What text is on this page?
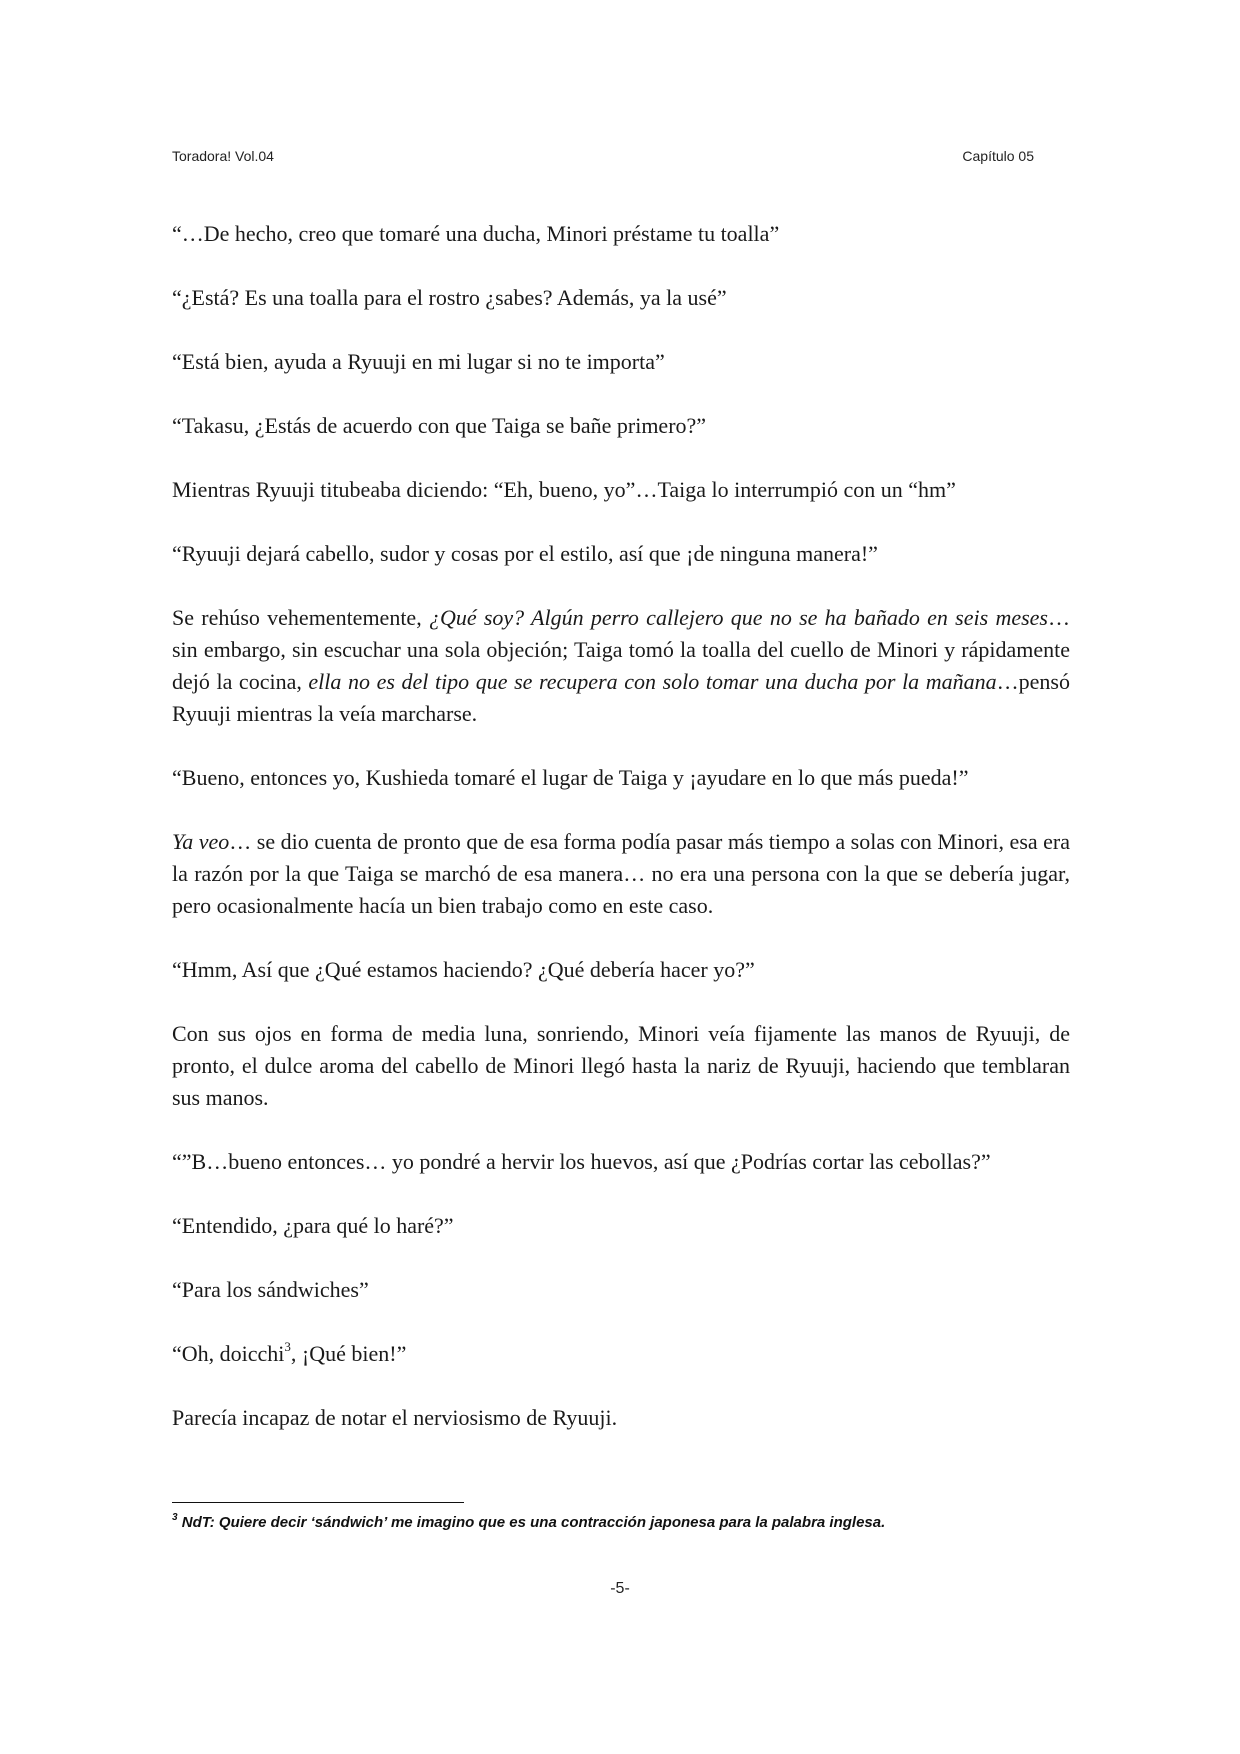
Toradora! Vol.04	Capítulo 05

“…De hecho, creo que tomaré una ducha, Minori préstame tu toalla”

“¿Está? Es una toalla para el rostro ¿sabes? Además, ya la usé”

“Está bien, ayuda a Ryuuji en mi lugar si no te importa”

“Takasu, ¿Estás de acuerdo con que Taiga se bañe primero?”

Mientras Ryuuji titubeaba diciendo: “Eh, bueno, yo”…Taiga lo interrumpió con un “hm”

“Ryuuji dejará cabello, sudor y cosas por el estilo, así que ¡de ninguna manera!”

Se rehúso vehementemente, ¿Qué soy? Algún perro callejero que no se ha bañado en seis meses… sin embargo, sin escuchar una sola objeción; Taiga tomó la toalla del cuello de Minori y rápidamente dejó la cocina, ella no es del tipo que se recupera con solo tomar una ducha por la mañana…pensó Ryuuji mientras la veía marcharse.

“Bueno, entonces yo, Kushieda tomaré el lugar de Taiga y ¡ayudare en lo que más pueda!”

Ya veo… se dio cuenta de pronto que de esa forma podía pasar más tiempo a solas con Minori, esa era la razón por la que Taiga se marchó de esa manera… no era una persona con la que se debería jugar, pero ocasionalmente hacía un bien trabajo como en este caso.

“Hmm, Así que ¿Qué estamos haciendo? ¿Qué debería hacer yo?”

Con sus ojos en forma de media luna, sonriendo, Minori veía fijamente las manos de Ryuuji, de pronto, el dulce aroma del cabello de Minori llegó hasta la nariz de Ryuuji, haciendo que temblaran sus manos.

“”B…bueno entonces… yo pondré a hervir los huevos, así que ¿Podrías cortar las cebollas?”

“Entendido, ¿para qué lo haré?”

“Para los sándwiches”

“Oh, doicchi$^3$, ¡Qué bien!”

Parecía incapaz de notar el nerviosismo de Ryuuji.

$^3$ NdT: Quiere decir ‘sándwich’ me imagino que es una contracción japonesa para la palabra inglesa.
-5-
